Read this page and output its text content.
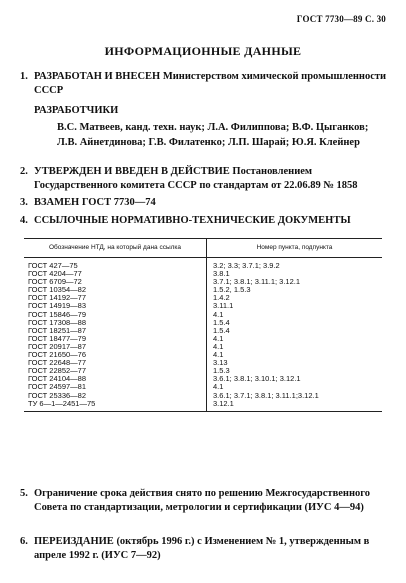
ГОСТ 7730—89 С. 30
ИНФОРМАЦИОННЫЕ ДАННЫЕ
1. РАЗРАБОТАН И ВНЕСЕН Министерством химической промышленности СССР
РАЗРАБОТЧИКИ
В.С. Матвеев, канд. техн. наук; Л.А. Филиппова; В.Ф. Цыганков; Л.В. Айнетдинова; Г.В. Филатенко; Л.П. Шарай; Ю.Я. Клейнер
2. УТВЕРЖДЕН И ВВЕДЕН В ДЕЙСТВИЕ Постановлением Государственного комитета СССР по стандартам от 22.06.89 № 1858
3. ВЗАМЕН ГОСТ 7730—74
4. ССЫЛОЧНЫЕ НОРМАТИВНО-ТЕХНИЧЕСКИЕ ДОКУМЕНТЫ
Обозначение НТД, на который дана ссылка	Номер пункта, подпункта
ГОСТ 427—75	3.2; 3.3; 3.7.1; 3.9.2
ГОСТ 4204—77	3.8.1
ГОСТ 6709—72	3.7.1; 3.8.1; 3.11.1; 3.12.1
ГОСТ 10354—82	1.5.2, 1.5.3
ГОСТ 14192—77	1.4.2
ГОСТ 14919—83	3.11.1
ГОСТ 15846—79	4.1
ГОСТ 17308—88	1.5.4
ГОСТ 18251—87	1.5.4
ГОСТ 18477—79	4.1
ГОСТ 20917—87	4.1
ГОСТ 21650—76	4.1
ГОСТ 22648—77	3.13
ГОСТ 22852—77	1.5.3
ГОСТ 24104—88	3.6.1; 3.8.1; 3.10.1; 3.12.1
ГОСТ 24597—81	4.1
ГОСТ 25336—82	3.6.1; 3.7.1; 3.8.1; 3.11.1;3.12.1
ТУ 6—1—2451—75	3.12.1
5. Ограничение срока действия снято по решению Межгосударственного Совета по стандартизации, метрологии и сертификации (ИУС 4—94)
6. ПЕРЕИЗДАНИЕ (октябрь 1996 г.) с Изменением № 1, утвержденным в апреле 1992 г. (ИУС 7—92)
